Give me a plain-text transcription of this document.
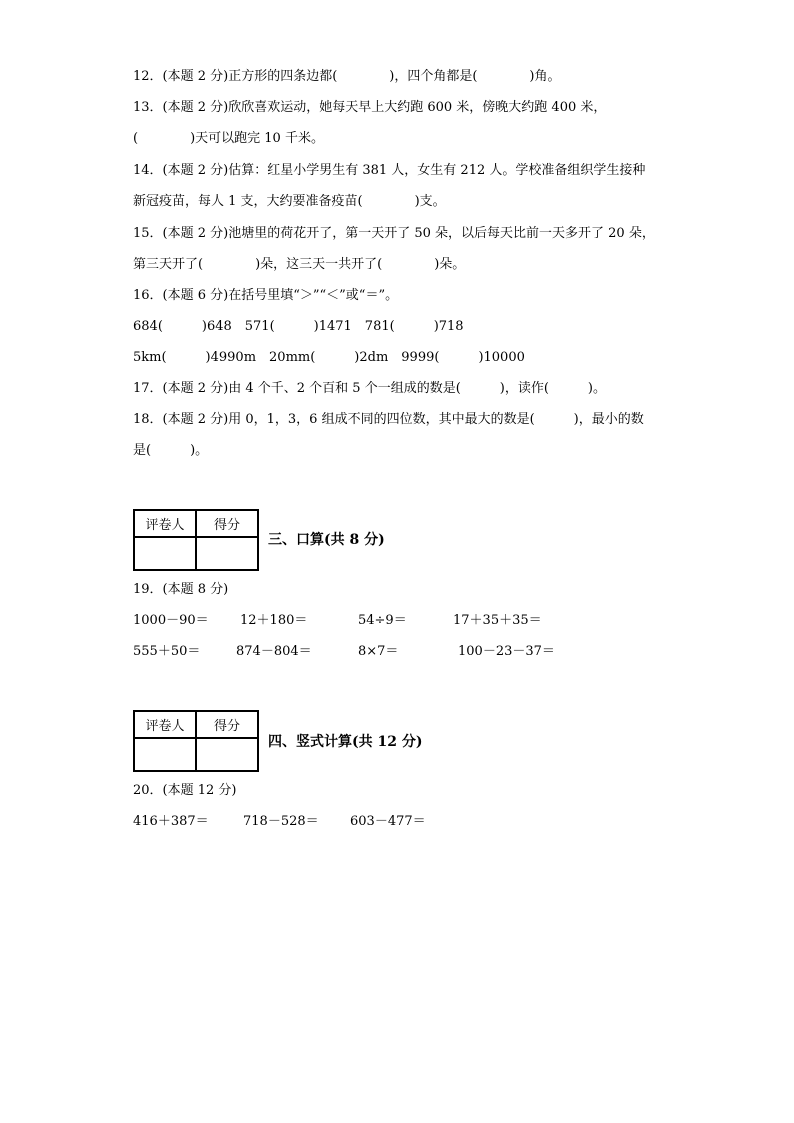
12．(本题 2 分)正方形的四条边都(　　　　)，四个角都是(　　　　)角。
13．(本题 2 分)欣欣喜欢运动，她每天早上大约跑 600 米，傍晚大约跑 400 米，
(　　　　)天可以跑完 10 千米。
14．(本题 2 分)估算：红星小学男生有 381 人，女生有 212 人。学校准备组织学生接种
新冠疫苗，每人 1 支，大约要准备疫苗(　　　　)支。
15．(本题 2 分)池塘里的荷花开了，第一天开了 50 朵，以后每天比前一天多开了 20 朵，
第三天开了(　　　　)朵，这三天一共开了(　　　　)朵。
16．(本题 6 分)在括号里填“＞”“＜”或“＝”。
684(　　　)648　571(　　　)1471　781(　　　)718
5km(　　　)4990m　20mm(　　　)2dm　9999(　　　)10000
17．(本题 2 分)由 4 个千、2 个百和 5 个一组成的数是(　　　)，读作(　　　)。
18．(本题 2 分)用 0，1，3，6 组成不同的四位数，其中最大的数是(　　　)，最小的数
是(　　　)。
评卷人	得分

三、口算(共 8 分)
19．(本题 8 分)
1000－90＝ 12＋180＝	54÷9＝	17＋35＋35＝
555＋50＝	874－804＝	8×7＝	100－23－37＝
评卷人	得分

四、竖式计算(共 12 分)
20．(本题 12 分)
416＋387＝	718－528＝ 603－477＝
